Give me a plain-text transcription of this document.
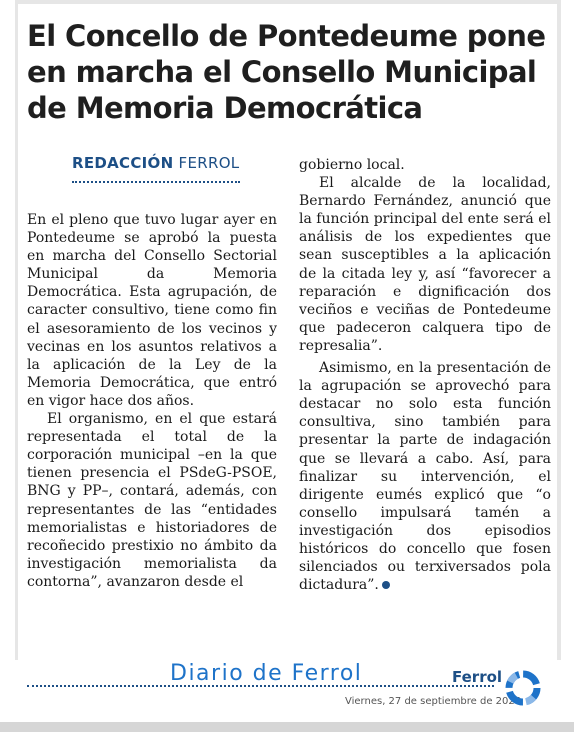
El Concello de Pontedeume pone en marcha el Consello Municipal de Memoria Democrática
REDACCIÓN FERROL

En el pleno que tuvo lugar ayer en Pontedeume se aprobó la puesta en marcha del Consello Sectorial Municipal da Memoria Democrática. Esta agrupación, de caracter consultivo, tiene como fin el asesoramiento de los vecinos y vecinas en los asuntos relativos a la aplicación de la Ley de la Memoria Democrática, que entró en vigor hace dos años.

El organismo, en el que estará representada el total de la corporación municipal –en la que tienen presencia el PSdeG-PSOE, BNG y PP–, contará, además, con representantes de las “entidades memorialistas e historiadores de recoñecido prestixio no ámbito da investigación memorialista da contorna”, avanzaron desde el

gobierno local.

El alcalde de la localidad, Bernardo Fernández, anunció que la función principal del ente será el análisis de los expedientes que sean susceptibles a la aplicación de la citada ley y, así “favorecer a reparación e dignificación dos veciños e veciñas de Pontedeume que padeceron calquera tipo de represalia”.

Asimismo, en la presentación de la agrupación se aprovechó para destacar no solo esta función consultiva, sino también para presentar la parte de indagación que se llevará a cabo. Así, para finalizar su intervención, el dirigente eumés explicó que “o consello impulsará tamén a investigación dos episodios históricos do concello que fosen silenciados ou terxiversados pola dictadura”.

Diario de Ferrol	Ferrol
Viernes, 27 de septiembre de 2024
